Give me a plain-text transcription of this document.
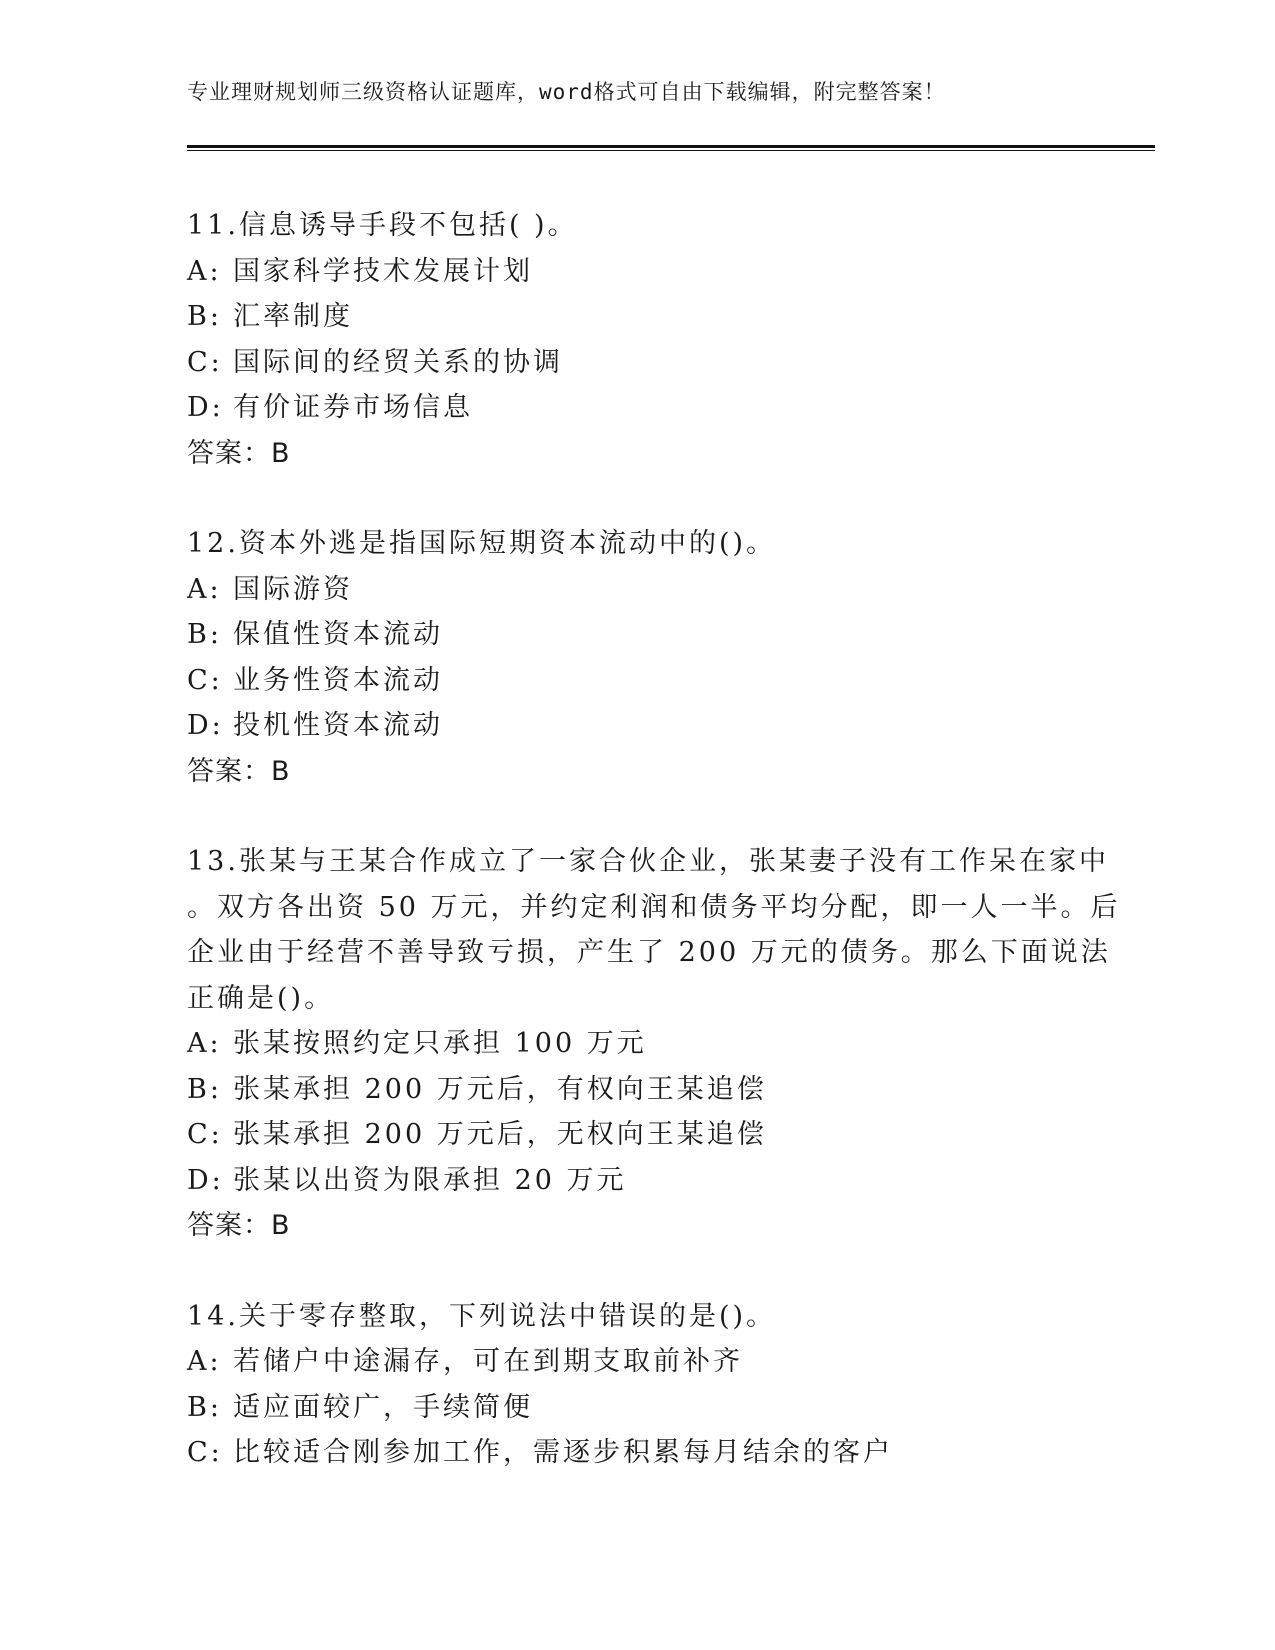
专业理财规划师三级资格认证题库，word格式可自由下载编辑，附完整答案！
11.信息诱导手段不包括( )。
A: 国家科学技术发展计划
B: 汇率制度
C: 国际间的经贸关系的协调
D: 有价证券市场信息
答案：B
12.资本外逃是指国际短期资本流动中的()。
A: 国际游资
B: 保值性资本流动
C: 业务性资本流动
D: 投机性资本流动
答案：B
13.张某与王某合作成立了一家合伙企业，张某妻子没有工作呆在家中
。双方各出资 50 万元，并约定利润和债务平均分配，即一人一半。后
企业由于经营不善导致亏损，产生了 200 万元的债务。那么下面说法
正确是()。
A: 张某按照约定只承担 100 万元
B: 张某承担 200 万元后，有权向王某追偿
C: 张某承担 200 万元后，无权向王某追偿
D: 张某以出资为限承担 20 万元
答案：B
14.关于零存整取，下列说法中错误的是()。
A: 若储户中途漏存，可在到期支取前补齐
B: 适应面较广，手续简便
C: 比较适合刚参加工作，需逐步积累每月结余的客户
